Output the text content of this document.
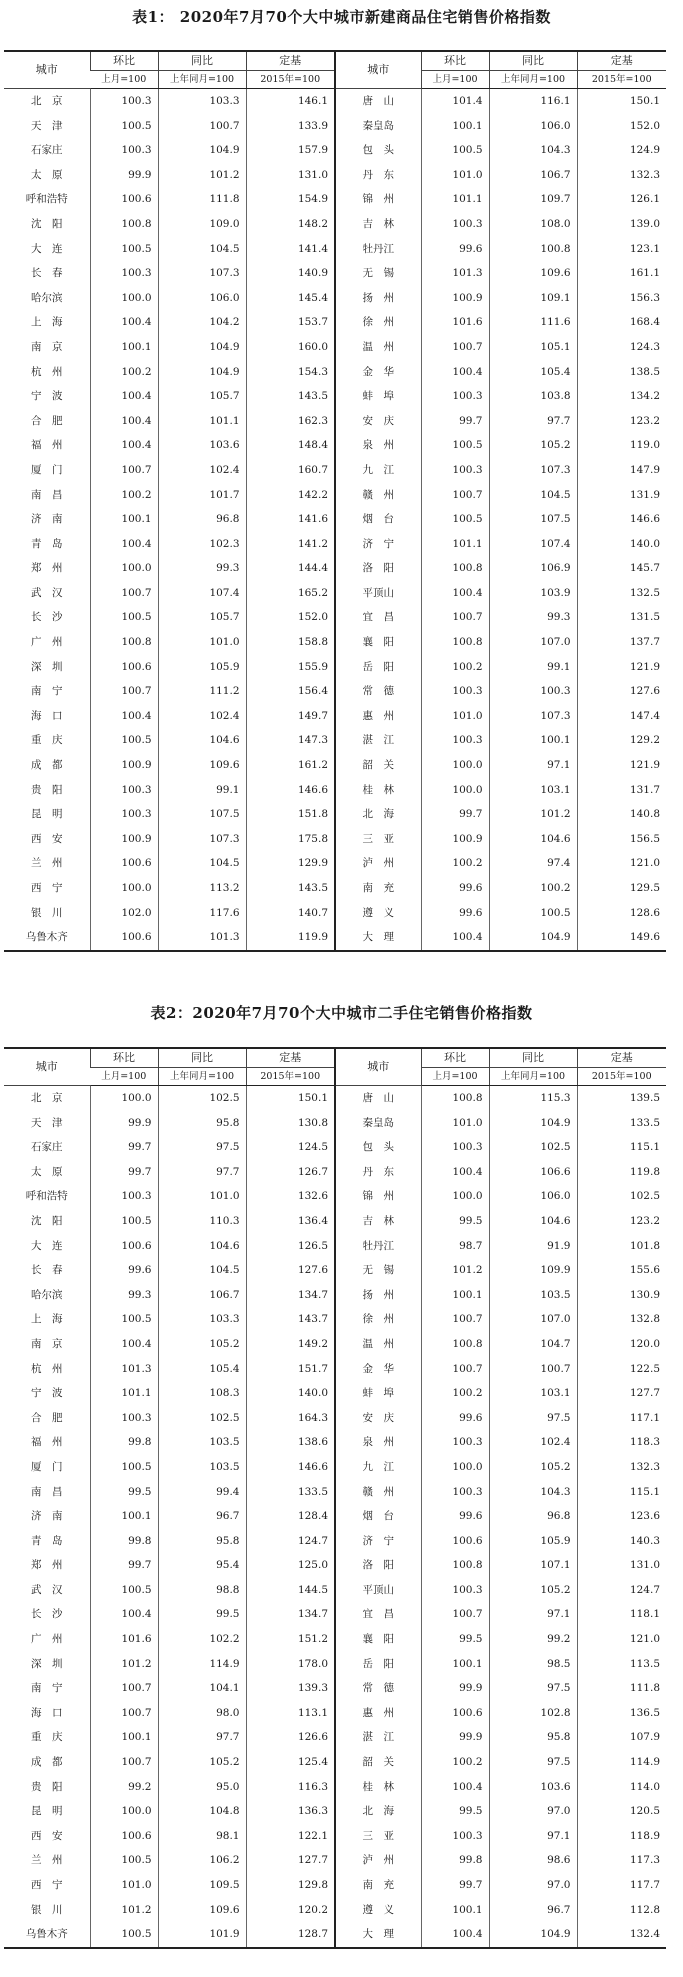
表1： 2020年7月70个大中城市新建商品住宅销售价格指数
城市	环比	同比	定基	城市	环比	同比	定基
	上月=100	上年同月=100	2015年=100		上月=100	上年同月=100	2015年=100
北　京	100.3	103.3	146.1	唐　山	101.4	116.1	150.1
天　津	100.5	100.7	133.9	秦皇岛	100.1	106.0	152.0
石家庄	100.3	104.9	157.9	包　头	100.5	104.3	124.9
太　原	99.9	101.2	131.0	丹　东	101.0	106.7	132.3
呼和浩特	100.6	111.8	154.9	锦　州	101.1	109.7	126.1
沈　阳	100.8	109.0	148.2	吉　林	100.3	108.0	139.0
大　连	100.5	104.5	141.4	牡丹江	99.6	100.8	123.1
长　春	100.3	107.3	140.9	无　锡	101.3	109.6	161.1
哈尔滨	100.0	106.0	145.4	扬　州	100.9	109.1	156.3
上　海	100.4	104.2	153.7	徐　州	101.6	111.6	168.4
南　京	100.1	104.9	160.0	温　州	100.7	105.1	124.3
杭　州	100.2	104.9	154.3	金　华	100.4	105.4	138.5
宁　波	100.4	105.7	143.5	蚌　埠	100.3	103.8	134.2
合　肥	100.4	101.1	162.3	安　庆	99.7	97.7	123.2
福　州	100.4	103.6	148.4	泉　州	100.5	105.2	119.0
厦　门	100.7	102.4	160.7	九　江	100.3	107.3	147.9
南　昌	100.2	101.7	142.2	赣　州	100.7	104.5	131.9
济　南	100.1	96.8	141.6	烟　台	100.5	107.5	146.6
青　岛	100.4	102.3	141.2	济　宁	101.1	107.4	140.0
郑　州	100.0	99.3	144.4	洛　阳	100.8	106.9	145.7
武　汉	100.7	107.4	165.2	平顶山	100.4	103.9	132.5
长　沙	100.5	105.7	152.0	宜　昌	100.7	99.3	131.5
广　州	100.8	101.0	158.8	襄　阳	100.8	107.0	137.7
深　圳	100.6	105.9	155.9	岳　阳	100.2	99.1	121.9
南　宁	100.7	111.2	156.4	常　德	100.3	100.3	127.6
海　口	100.4	102.4	149.7	惠　州	101.0	107.3	147.4
重　庆	100.5	104.6	147.3	湛　江	100.3	100.1	129.2
成　都	100.9	109.6	161.2	韶　关	100.0	97.1	121.9
贵　阳	100.3	99.1	146.6	桂　林	100.0	103.1	131.7
昆　明	100.3	107.5	151.8	北　海	99.7	101.2	140.8
西　安	100.9	107.3	175.8	三　亚	100.9	104.6	156.5
兰　州	100.6	104.5	129.9	泸　州	100.2	97.4	121.0
西　宁	100.0	113.2	143.5	南　充	99.6	100.2	129.5
银　川	102.0	117.6	140.7	遵　义	99.6	100.5	128.6
乌鲁木齐	100.6	101.3	119.9	大　理	100.4	104.9	149.6
表2：2020年7月70个大中城市二手住宅销售价格指数
城市	环比	同比	定基	城市	环比	同比	定基
	上月=100	上年同月=100	2015年=100		上月=100	上年同月=100	2015年=100
北　京	100.0	102.5	150.1	唐　山	100.8	115.3	139.5
天　津	99.9	95.8	130.8	秦皇岛	101.0	104.9	133.5
石家庄	99.7	97.5	124.5	包　头	100.3	102.5	115.1
太　原	99.7	97.7	126.7	丹　东	100.4	106.6	119.8
呼和浩特	100.3	101.0	132.6	锦　州	100.0	106.0	102.5
沈　阳	100.5	110.3	136.4	吉　林	99.5	104.6	123.2
大　连	100.6	104.6	126.5	牡丹江	98.7	91.9	101.8
长　春	99.6	104.5	127.6	无　锡	101.2	109.9	155.6
哈尔滨	99.3	106.7	134.7	扬　州	100.1	103.5	130.9
上　海	100.5	103.3	143.7	徐　州	100.7	107.0	132.8
南　京	100.4	105.2	149.2	温　州	100.8	104.7	120.0
杭　州	101.3	105.4	151.7	金　华	100.7	100.7	122.5
宁　波	101.1	108.3	140.0	蚌　埠	100.2	103.1	127.7
合　肥	100.3	102.5	164.3	安　庆	99.6	97.5	117.1
福　州	99.8	103.5	138.6	泉　州	100.3	102.4	118.3
厦　门	100.5	103.5	146.6	九　江	100.0	105.2	132.3
南　昌	99.5	99.4	133.5	赣　州	100.3	104.3	115.1
济　南	100.1	96.7	128.4	烟　台	99.6	96.8	123.6
青　岛	99.8	95.8	124.7	济　宁	100.6	105.9	140.3
郑　州	99.7	95.4	125.0	洛　阳	100.8	107.1	131.0
武　汉	100.5	98.8	144.5	平顶山	100.3	105.2	124.7
长　沙	100.4	99.5	134.7	宜　昌	100.7	97.1	118.1
广　州	101.6	102.2	151.2	襄　阳	99.5	99.2	121.0
深　圳	101.2	114.9	178.0	岳　阳	100.1	98.5	113.5
南　宁	100.7	104.1	139.3	常　德	99.9	97.5	111.8
海　口	100.7	98.0	113.1	惠　州	100.6	102.8	136.5
重　庆	100.1	97.7	126.6	湛　江	99.9	95.8	107.9
成　都	100.7	105.2	125.4	韶　关	100.2	97.5	114.9
贵　阳	99.2	95.0	116.3	桂　林	100.4	103.6	114.0
昆　明	100.0	104.8	136.3	北　海	99.5	97.0	120.5
西　安	100.6	98.1	122.1	三　亚	100.3	97.1	118.9
兰　州	100.5	106.2	127.7	泸　州	99.8	98.6	117.3
西　宁	101.0	109.5	129.8	南　充	99.7	97.0	117.7
银　川	101.2	109.6	120.2	遵　义	100.1	96.7	112.8
乌鲁木齐	100.5	101.9	128.7	大　理	100.4	104.9	132.4
